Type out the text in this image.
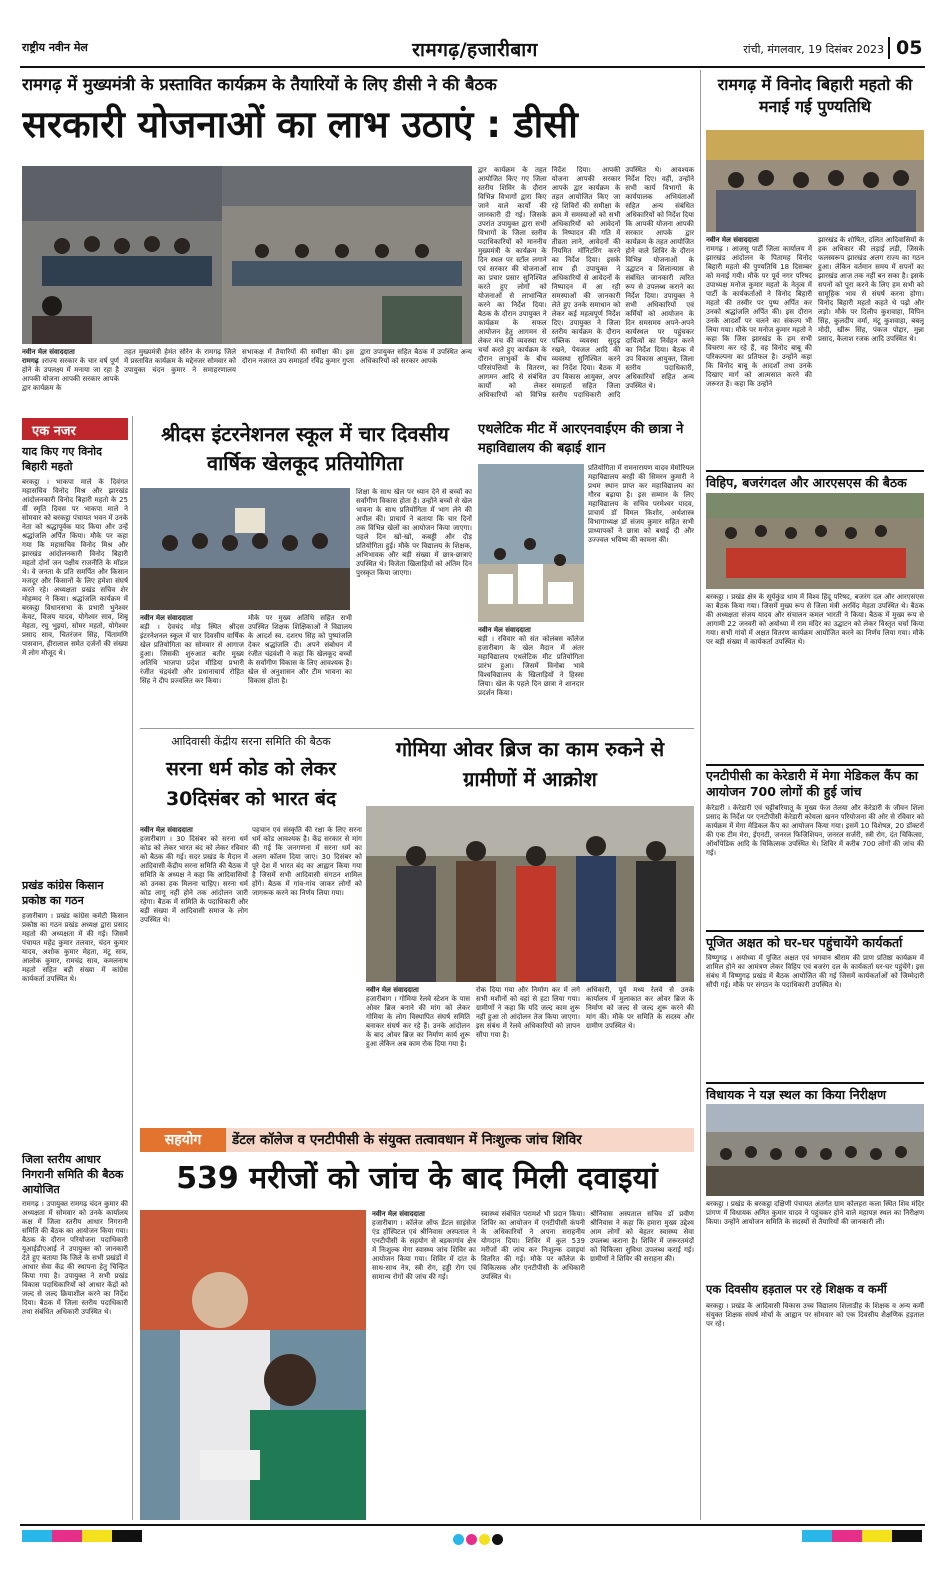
राष्ट्रीय नवीन मेल	रामगढ़/हजारीबाग	रांची, मंगलवार, 19 दिसंबर 2023 05
रामगढ़ में मुख्यमंत्री के प्रस्तावित कार्यक्रम के तैयारियों के लिए डीसी ने की बैठक
सरकारी योजनाओं का लाभ उठाएं : डीसी
नवीन मेल संवाददाता
रामगढ़ ।राज्य सरकार के चार वर्ष पूर्ण होने के उपलक्ष्य में मनाया जा रहा है आपकी योजना आपकी सरकार आपके द्वार कार्यक्रम के
तहत मुख्यमंत्री हेमंत सोरेन के रामगढ़ जिले में प्रस्तावित कार्यक्रम के मद्देनजर सोमवार को उपायुक्त चंदन कुमार ने समाहरणालय सभाकक्ष में तैयारियों की समीक्षा की। इस दौरान नजारत उप समाहर्ता रविंद्र कुमार गुप्ता द्वारा उपायुक्त सहित बैठक में उपस्थित अन्य अधिकारियों को सरकार आपके
द्वार कार्यक्रम के तहत आयोजित किए गए जिला स्तरीय शिविर के दौरान विभिन्न विभागों द्वारा किए जाने वाले कार्यों की जानकारी दी गई। जिसके उपरांत उपायुक्त द्वारा सभी विभागों के जिला स्तरीय पदाधिकारियों को माननीय मुख्यमंत्री के कार्यक्रम के दिन स्थल पर स्टॉल लगाने एवं सरकार की योजनाओं का प्रचार प्रसार सुनिश्चित करते हुए लोगों को योजनाओं से लाभान्वित करने का निर्देश दिया। बैठक के दौरान उपायुक्त ने कार्यक्रम के सफल आयोजन हेतु आगमन से लेकर मंच की व्यवस्था पर चर्चा करते हुए कार्यक्रम के दौरान लाभुकों के बीच परिसंपत्तियों के वितरण, आगमन आदि से संबंधित कार्यों को लेकर अधिकारियों को विभिन्न निर्देश दिया। आपकी योजना आपकी सरकार आपके द्वार कार्यक्रम के तहत आयोजित किए जा रहे शिविरों की समीक्षा के क्रम में समस्याओं को सभी अधिकारियों को आवेदनों के निष्पादन की गति में तीव्रता लाने, आवेदनों की नियमित मॉनिटरिंग करने का निर्देश दिया। इसके साथ ही उपायुक्त ने अधिकारियों से आवेदनों के निष्पादन में आ रही समस्याओं की जानकारी लेते हुए उनके समाधान को लेकर कई महत्वपूर्ण निर्देश दिए। उपायुक्त ने जिला स्तरीय कार्यक्रम के दौरान पब्लिक व्यवस्था सुदृढ़ रखने, पेयजल आदि की व्यवस्था सुनिश्चित करने का निर्देश दिया। बैठक में उप विकास आयुक्त, अपर समाहर्ता सहित जिला स्तरीय पदाधिकारी आदि उपस्थित थे। आवश्यक निर्देश दिए। वहीं, उन्होंने सभी कार्य विभागों के कार्यपालक अभियंताओं सहित अन्य संबंधित अधिकारियों को निर्देश दिया कि आपकी योजना आपकी सरकार आपके द्वार कार्यक्रम के तहत आयोजित होने वाले शिविर के दौरान विभिन्न योजनाओं के उद्घाटन व शिलान्यास से संबंधित जानकारी त्वरित रूप से उपलब्ध कराने का निर्देश दिया। उपायुक्त ने सभी अधिकारियों एवं कर्मियों को आयोजन के दिन समसमय अपने-अपने कार्यस्थल पर पहुंचकर दायित्वों का निर्वहन करने का निर्देश दिया। बैठक में उप विकास आयुक्त, जिला स्तरीय पदाधिकारी, अधिकारियों सहित अन्य उपस्थित थे।
रामगढ़ में विनोद बिहारी महतो की मनाई गई पुण्यतिथि
नवीन मेल संवाददाता
रामगढ़ । आजसू पार्टी जिला कार्यालय में झारखंड आंदोलन के पितामह विनोद बिहारी महतो की पुण्यतिथि 18 दिसम्बर को मनाई गयी। मौके पर पूर्व नगर परिषद उपाध्यक्ष मनोज कुमार महतो के नेतृत्व में पार्टी के कार्यकर्ताओं ने विनोद बिहारी महतो की तस्वीर पर पुष्प अर्पित कर उनको श्रद्धांजलि अर्पित की। इस दौरान उनके आदर्शों पर चलने का संकल्प भी लिया गया। मौके पर मनोज कुमार महतो ने कहा कि जिस झारखंड के हम सभी विचरण कर रहे हैं, वह विनोद बाबू की परिकल्पना का प्रतिफल है। उन्होंने कहा कि विनोद बाबू के आदर्शों तथा उनके दिखाए मार्ग को आत्मसात करने की जरूरत है। कहा कि उन्होंने
झारखंड के शोषित, दलित आदिवासियों के हक अधिकार की लड़ाई लड़ी, जिसके फलस्वरूप झारखंड अलग राज्य का गठन हुआ। लेकिन वर्तमान समय में सपनों का झारखंड आज तक नहीं बन सका है। इसके सपनों को पूरा करने के लिए हम सभी को सामूहिक भाव से संघर्ष करना होगा। विनोद बिहारी महतो कहते थे पढ़ो और लड़ो। मौके पर दिलीप कुशवाहा, विपिन सिंह, कुलदीप वर्मा, मंटू कुशवाहा, बबलू मोदी, खीरू सिंह, पंकज पोद्दार, मुन्ना प्रसाद, कैलाश रजक आदि उपस्थित थे।
विहिप, बजरंगदल और आरएसएस की बैठक
बरकट्ठा । प्रखंड क्षेत्र के सूर्यकुंड धाम में विश्व हिंदू परिषद, बजरंग दल और आरएसएस का बैठक किया गया। जिसमें मुख्य रूप से जिला मंत्री अरविंद मेहता उपस्थित थे। बैठक की अध्यक्षता संजय यादव और संचालन कमल भारती ने किया। बैठक में मुख्य रूप से आगामी 22 जनवरी को अयोध्या में राम मंदिर का उद्घाटन को लेकर विस्तृत चर्चा किया गया। सभी गांवों में अक्षत वितरण कार्यक्रम आयोजित करने का निर्णय लिया गया। मौके पर बड़ी संख्या में कार्यकर्ता उपस्थित थे।
एनटीपीसी का केरेडारी में मेगा मेडिकल कैंप का आयोजन 700 लोगों की हुई जांच
केरेडारी । केरेडारी एवं चट्टीबरियातू के मुख्य फेज तेलया और केरेडारी के जीवन शिला प्रसाद के निर्देश पर एनटीपीसी केरेडारी कोयला खनन परियोजना की ओर से रविवार को कार्यक्रम में मेगा मेडिकल कैंप का आयोजन किया गया। इसमें 10 विशेषज्ञ, 20 डॉक्टरों की एक टीम मेरा, ईएनटी, जनरल फिजिशियन, जनरल सर्जरी, स्त्री रोग, दंत चिकित्सा, ऑर्थोपेडिक आदि के चिकित्सक उपस्थित थे। शिविर में करीब 700 लोगों की जांच की गई।
पूजित अक्षत को घर-घर पहुंचायेंगे कार्यकर्ता
विष्णुगढ़ । अयोध्या में पूजित अक्षत एवं भगवान श्रीराम की प्राण प्रतिष्ठा कार्यक्रम में शामिल होने का आमंत्रण लेकर विहिप एवं बजरंग दल के कार्यकर्ता घर-घर पहुंचेंगे। इस संबंध में विष्णुगढ़ प्रखंड में बैठक आयोजित की गई जिसमें कार्यकर्ताओं को जिम्मेदारी सौंपी गई। मौके पर संगठन के पदाधिकारी उपस्थित थे।
विधायक ने यज्ञ स्थल का किया निरीक्षण
बरकट्ठा । प्रखंड के बरकट्ठा दक्षिणी पंचायत अंतर्गत ग्राम कोलहरा कला स्थित शिव मंदिर प्रांगण में विधायक अमित कुमार यादव ने पहुंचकर होने वाले महायज्ञ स्थल का निरीक्षण किया। उन्होंने आयोजन समिति के सदस्यों से तैयारियों की जानकारी ली।
एक दिवसीय हड़ताल पर रहे शिक्षक व कर्मी
बरकट्ठा । प्रखंड के आदिवासी विकास उच्च विद्यालय शिलाडीह के शिक्षक व अन्य कर्मी संयुक्त शिक्षक संघर्ष मोर्चा के आह्वान पर सोमवार को एक दिवसीय शैक्षणिक हड़ताल पर रहे।
एक नजर
याद किए गए विनोद बिहारी महतो
बरकट्ठा । भाकपा माले के दिवंगत महासचिव विनोद मिश्र और झारखंड आंदोलनकारी विनोद बिहारी महतो के 25 वीं स्मृति दिवस पर भाकपा माले ने सोमवार को बरकट्ठा पंचायत भवन में उनके नेता को श्रद्धापूर्वक याद किया और उन्हें श्रद्धांजलि अर्पित किया। मौके पर कहा गया कि महासचिव विनोद मिश्र और झारखंड आंदोलनकारी विनोद बिहारी महतो दोनों जन पक्षीय राजनीति के मॉडल थे। वे जनता के प्रति समर्पित और किसान मजदूर और किसानों के लिए हमेशा संघर्ष करते रहे। अध्यक्षता प्रखंड सचिव शेर मोहम्मद ने किया। श्रद्धांजलि कार्यक्रम में बरकट्ठा विधानसभा के प्रभारी भुनेश्वर केवट, विजय यादव, योगेश्वर साव, शिबू मेहता, रघु भुइयां, सोमर महतो, योगेश्वर प्रसाद साव, चितरंजन सिंह, चिंतामणि पासवान, हीरालाल समेत दर्जनों की संख्या में लोग मौजूद थे।
प्रखंड कांग्रेस किसान प्रकोष्ठ का गठन
हजारीबाग । प्रखंड कांग्रेस कमेटी किसान प्रकोष्ठ का गठन प्रखंड अध्यक्ष द्वारा प्रसाद महतो की अध्यक्षता में की गई। जिसमें पंचायत महेंद्र कुमार तलवार, चंदन कुमार यादव, अशोक कुमार मेहता, मंटू साव, आलोक कुमार, रामचंद्र साव, कमलनाथ महतो सहित बड़ी संख्या में कांग्रेस कार्यकर्ता उपस्थित थे।
जिला स्तरीय आधार निगरानी समिति की बैठक आयोजित
रामगढ़ । उपायुक्त रामगढ़ चंदन कुमार की अध्यक्षता में सोमवार को उनके कार्यालय कक्ष में जिला स्तरीय आधार निगरानी समिति की बैठक का आयोजन किया गया। बैठक के दौरान परियोजना पदाधिकारी यूआईडीएआई ने उपायुक्त को जानकारी देते हुए बताया कि जिले के सभी प्रखंडों में आधार सेवा केंद्र की स्थापना हेतु चिन्हित किया गया है। उपायुक्त ने सभी प्रखंड विकास पदाधिकारियों को आधार केंद्रों को जल्द से जल्द क्रियाशील करने का निर्देश दिया। बैठक में जिला स्तरीय पदाधिकारी तथा संबंधित अधिकारी उपस्थित थे।
श्रीदस इंटरनेशनल स्कूल में चार दिवसीय वार्षिक खेलकूद प्रतियोगिता
नवीन मेल संवाददाता
बड़ी । देवचंद मोड़ स्थित श्रीदस इंटरनेशनल स्कूल में चार दिवसीय वार्षिक खेल प्रतियोगिता का सोमवार से आगाज हुआ। जिसकी शुरुआत बतौर मुख्य अतिथि भाजपा प्रदेश मीडिया प्रभारी रंजीत चंद्रवंशी और प्रधानाचार्य रोहित सिंह ने दीप प्रज्वलित कर किया।
मौके पर मुख्य अतिथि सहित सभी उपस्थित शिक्षक शिक्षिकाओं ने विद्यालय के आदर्श स्व. दशरथ सिंह को पुष्पांजलि देकर श्रद्धांजलि दी। अपने संबोधन में रंजीत चंद्रवंशी ने कहा कि खेलकूद बच्चों के सर्वांगीण विकास के लिए आवश्यक है। खेल से अनुशासन और टीम भावना का विकास होता है।
शिक्षा के साथ खेल पर ध्यान देने से बच्चों का सर्वांगीण विकास होता है। उन्होंने बच्चों से खेल भावना के साथ प्रतियोगिता में भाग लेने की अपील की। प्राचार्य ने बताया कि चार दिनों तक विभिन्न खेलों का आयोजन किया जाएगा। पहले दिन खो-खो, कबड्डी और दौड़ प्रतियोगिता हुई। मौके पर विद्यालय के शिक्षक, अभिभावक और बड़ी संख्या में छात्र-छात्राएं उपस्थित थे। विजेता खिलाड़ियों को अंतिम दिन पुरस्कृत किया जाएगा।
एथलेटिक मीट में आरएनवाईएम की छात्रा ने महाविद्यालय की बढ़ाई शान
नवीन मेल संवाददाता
बड़ी । रविवार को संत कोलंबस कॉलेज हजारीबाग के खेल मैदान में अंतर महाविद्यालय एथलेटिक मीट प्रतियोगिता प्रारंभ हुआ। जिसमें विनोबा भावे विश्वविद्यालय के खिलाड़ियों ने हिस्सा लिया। खेल के पहले दिन छात्रा ने शानदार प्रदर्शन किया।
प्रतियोगिता में रामनारायण यादव मेमोरियल महाविद्यालय बरही की सिमरन कुमारी ने प्रथम स्थान प्राप्त कर महाविद्यालय का गौरव बढ़ाया है। इस सम्मान के लिए महाविद्यालय के सचिव परमेश्वर यादव, प्राचार्य डॉ विमल किशोर, अर्थशास्त्र विभागाध्यक्ष डॉ संजय कुमार सहित सभी प्राध्यापकों ने छात्रा को बधाई दी और उज्ज्वल भविष्य की कामना की।
आदिवासी केंद्रीय सरना समिति की बैठक
सरना धर्म कोड को लेकर 30दिसंबर को भारत बंद
नवीन मेल संवाददाता
हजारीबाग । 30 दिसंबर को सरना धर्म कोड को लेकर भारत बंद को लेकर रविवार को बैठक की गई। सदर प्रखंड के मैदान में आदिवासी केंद्रीय सरना समिति की बैठक में समिति के अध्यक्ष ने कहा कि आदिवासियों को उनका हक मिलना चाहिए। सरना धर्म कोड लागू नहीं होने तक आंदोलन जारी रहेगा। बैठक में समिति के पदाधिकारी और बड़ी संख्या में आदिवासी समाज के लोग उपस्थित थे।
पहचान एवं संस्कृति की रक्षा के लिए सरना धर्म कोड आवश्यक है। केंद्र सरकार से मांग की गई कि जनगणना में सरना धर्म का अलग कॉलम दिया जाए। 30 दिसंबर को पूरे देश में भारत बंद का आह्वान किया गया है जिसमें सभी आदिवासी संगठन शामिल होंगे। बैठक में गांव-गांव जाकर लोगों को जागरूक करने का निर्णय लिया गया।
गोमिया ओवर ब्रिज का काम रुकने से ग्रामीणों में आक्रोश
नवीन मेल संवाददाता
हजारीबाग । गोमिया रेलवे स्टेशन के पास ओवर ब्रिज बनाने की मांग को लेकर गोमिया के लोग विस्थापित संघर्ष समिति बनाकर संघर्ष कर रहे हैं। उनके आंदोलन के बाद ओवर ब्रिज का निर्माण कार्य शुरू हुआ लेकिन अब काम रोक दिया गया है।
रोक दिया गया और निर्माण कर में लगे सभी मशीनों को वहां से हटा लिया गया। ग्रामीणों ने कहा कि यदि जल्द काम शुरू नहीं हुआ तो आंदोलन तेज किया जाएगा। इस संबंध में रेलवे अधिकारियों को ज्ञापन सौंपा गया है।
अधिकारी, पूर्व मध्य रेलवे से उनके कार्यालय में मुलाकात कर ओवर ब्रिज के निर्माण को जल्द से जल्द शुरू करने की मांग की। मौके पर समिति के सदस्य और ग्रामीण उपस्थित थे।
सहयोग	डेंटल कॉलेज व एनटीपीसी के संयुक्त तत्वावधान में निःशुल्क जांच शिविर
539 मरीजों को जांच के बाद मिली दवाइयां
नवीन मेल संवाददाता
हजारीबाग । कॉलेज ऑफ डेंटल साइंसेज एंड हॉस्पिटल एवं श्रीनिवास अस्पताल ने एनटीपीसी के सहयोग से बड़कागांव क्षेत्र में निःशुल्क मेगा स्वास्थ्य जांच शिविर का आयोजन किया गया। शिविर में दांत के साथ-साथ नेत्र, स्त्री रोग, हड्डी रोग एवं सामान्य रोगों की जांच की गई।
स्वास्थ्य संबंधित परामर्श भी प्रदान किया। शिविर का आयोजन में एनटीपीसी कंपनी के अधिकारियों ने अपना सराहनीय योगदान दिया। शिविर में कुल 539 मरीजों की जांच कर निःशुल्क दवाइयां वितरित की गई। मौके पर कॉलेज के चिकित्सक और एनटीपीसी के अधिकारी उपस्थित थे।
श्रीनिवास अस्पताल सचिव डॉ प्रवीण श्रीनिवास ने कहा कि हमारा मुख्य उद्देश्य आम लोगों को बेहतर स्वास्थ्य सेवा उपलब्ध कराना है। शिविर में जरूरतमंदों को चिकित्सा सुविधा उपलब्ध कराई गई। ग्रामीणों ने शिविर की सराहना की।
